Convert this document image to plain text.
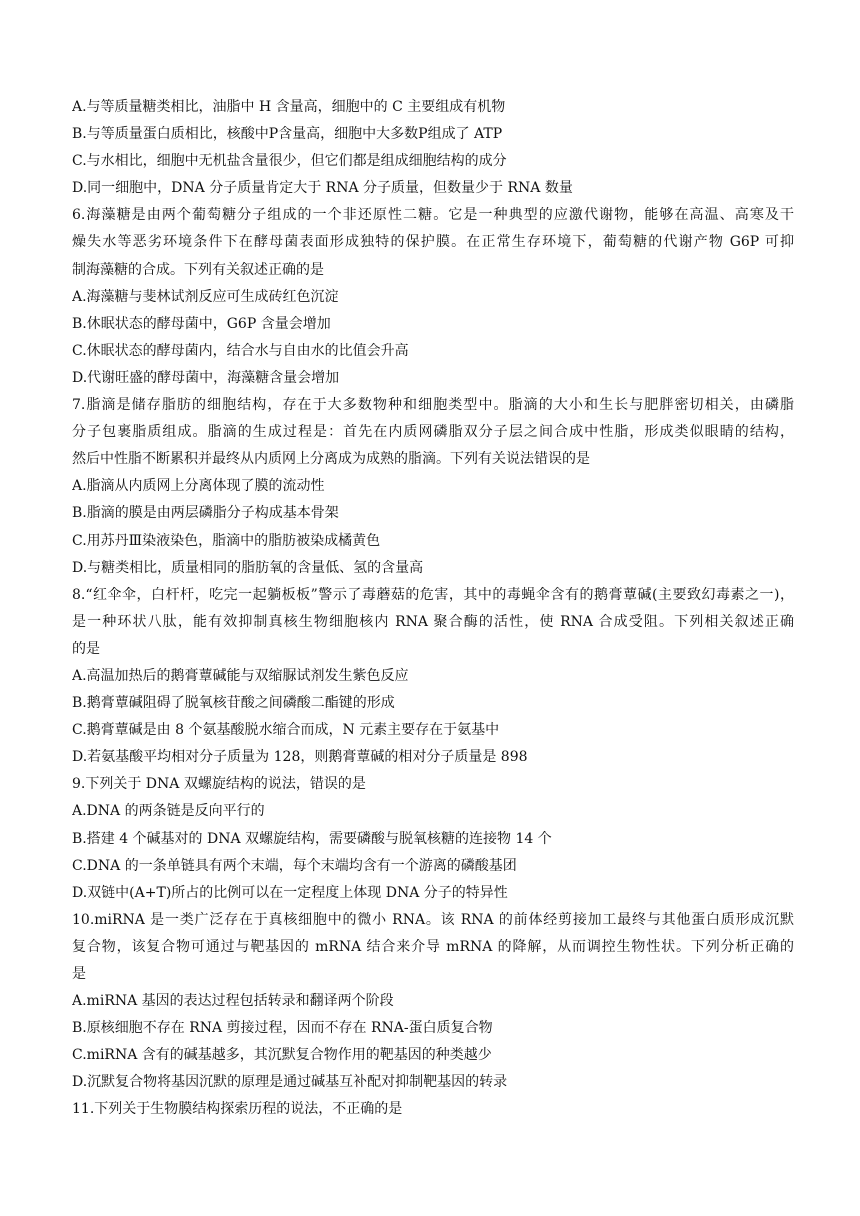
A.与等质量糖类相比，油脂中 H 含量高，细胞中的 C 主要组成有机物
B.与等质量蛋白质相比，核酸中P含量高，细胞中大多数P组成了 ATP
C.与水相比，细胞中无机盐含量很少，但它们都是组成细胞结构的成分
D.同一细胞中，DNA 分子质量肯定大于 RNA 分子质量，但数量少于 RNA 数量
6.海藻糖是由两个葡萄糖分子组成的一个非还原性二糖。它是一种典型的应激代谢物，能够在高温、高寒及干
燥失水等恶劣环境条件下在酵母菌表面形成独特的保护膜。在正常生存环境下，葡萄糖的代谢产物 G6P 可抑
制海藻糖的合成。下列有关叙述正确的是
A.海藻糖与斐林试剂反应可生成砖红色沉淀
B.休眠状态的酵母菌中，G6P 含量会增加
C.休眠状态的酵母菌内，结合水与自由水的比值会升高
D.代谢旺盛的酵母菌中，海藻糖含量会增加
7.脂滴是储存脂肪的细胞结构，存在于大多数物种和细胞类型中。脂滴的大小和生长与肥胖密切相关，由磷脂
分子包裹脂质组成。脂滴的生成过程是：首先在内质网磷脂双分子层之间合成中性脂，形成类似眼睛的结构，
然后中性脂不断累积并最终从内质网上分离成为成熟的脂滴。下列有关说法错误的是
A.脂滴从内质网上分离体现了膜的流动性
B.脂滴的膜是由两层磷脂分子构成基本骨架
C.用苏丹Ⅲ染液染色，脂滴中的脂肪被染成橘黄色
D.与糖类相比，质量相同的脂肪氧的含量低、氢的含量高
8.“红伞伞，白杆杆，吃完一起躺板板”警示了毒蘑菇的危害，其中的毒蝇伞含有的鹅膏蕈碱(主要致幻毒素之一)，
是一种环状八肽，能有效抑制真核生物细胞核内 RNA 聚合酶的活性，使 RNA 合成受阻。下列相关叙述正确
的是
A.高温加热后的鹅膏蕈碱能与双缩脲试剂发生紫色反应
B.鹅膏蕈碱阻碍了脱氧核苷酸之间磷酸二酯键的形成
C.鹅膏蕈碱是由 8 个氨基酸脱水缩合而成，N 元素主要存在于氨基中
D.若氨基酸平均相对分子质量为 128，则鹅膏蕈碱的相对分子质量是 898
9.下列关于 DNA 双螺旋结构的说法，错误的是
A.DNA 的两条链是反向平行的
B.搭建 4 个碱基对的 DNA 双螺旋结构，需要磷酸与脱氧核糖的连接物 14 个
C.DNA 的一条单链具有两个末端，每个末端均含有一个游离的磷酸基团
D.双链中(A+T)所占的比例可以在一定程度上体现 DNA 分子的特异性
10.miRNA 是一类广泛存在于真核细胞中的微小 RNA。该 RNA 的前体经剪接加工最终与其他蛋白质形成沉默
复合物，该复合物可通过与靶基因的 mRNA 结合来介导 mRNA 的降解，从而调控生物性状。下列分析正确的
是
A.miRNA 基因的表达过程包括转录和翻译两个阶段
B.原核细胞不存在 RNA 剪接过程，因而不存在 RNA-蛋白质复合物
C.miRNA 含有的碱基越多，其沉默复合物作用的靶基因的种类越少
D.沉默复合物将基因沉默的原理是通过碱基互补配对抑制靶基因的转录
11.下列关于生物膜结构探索历程的说法，不正确的是
